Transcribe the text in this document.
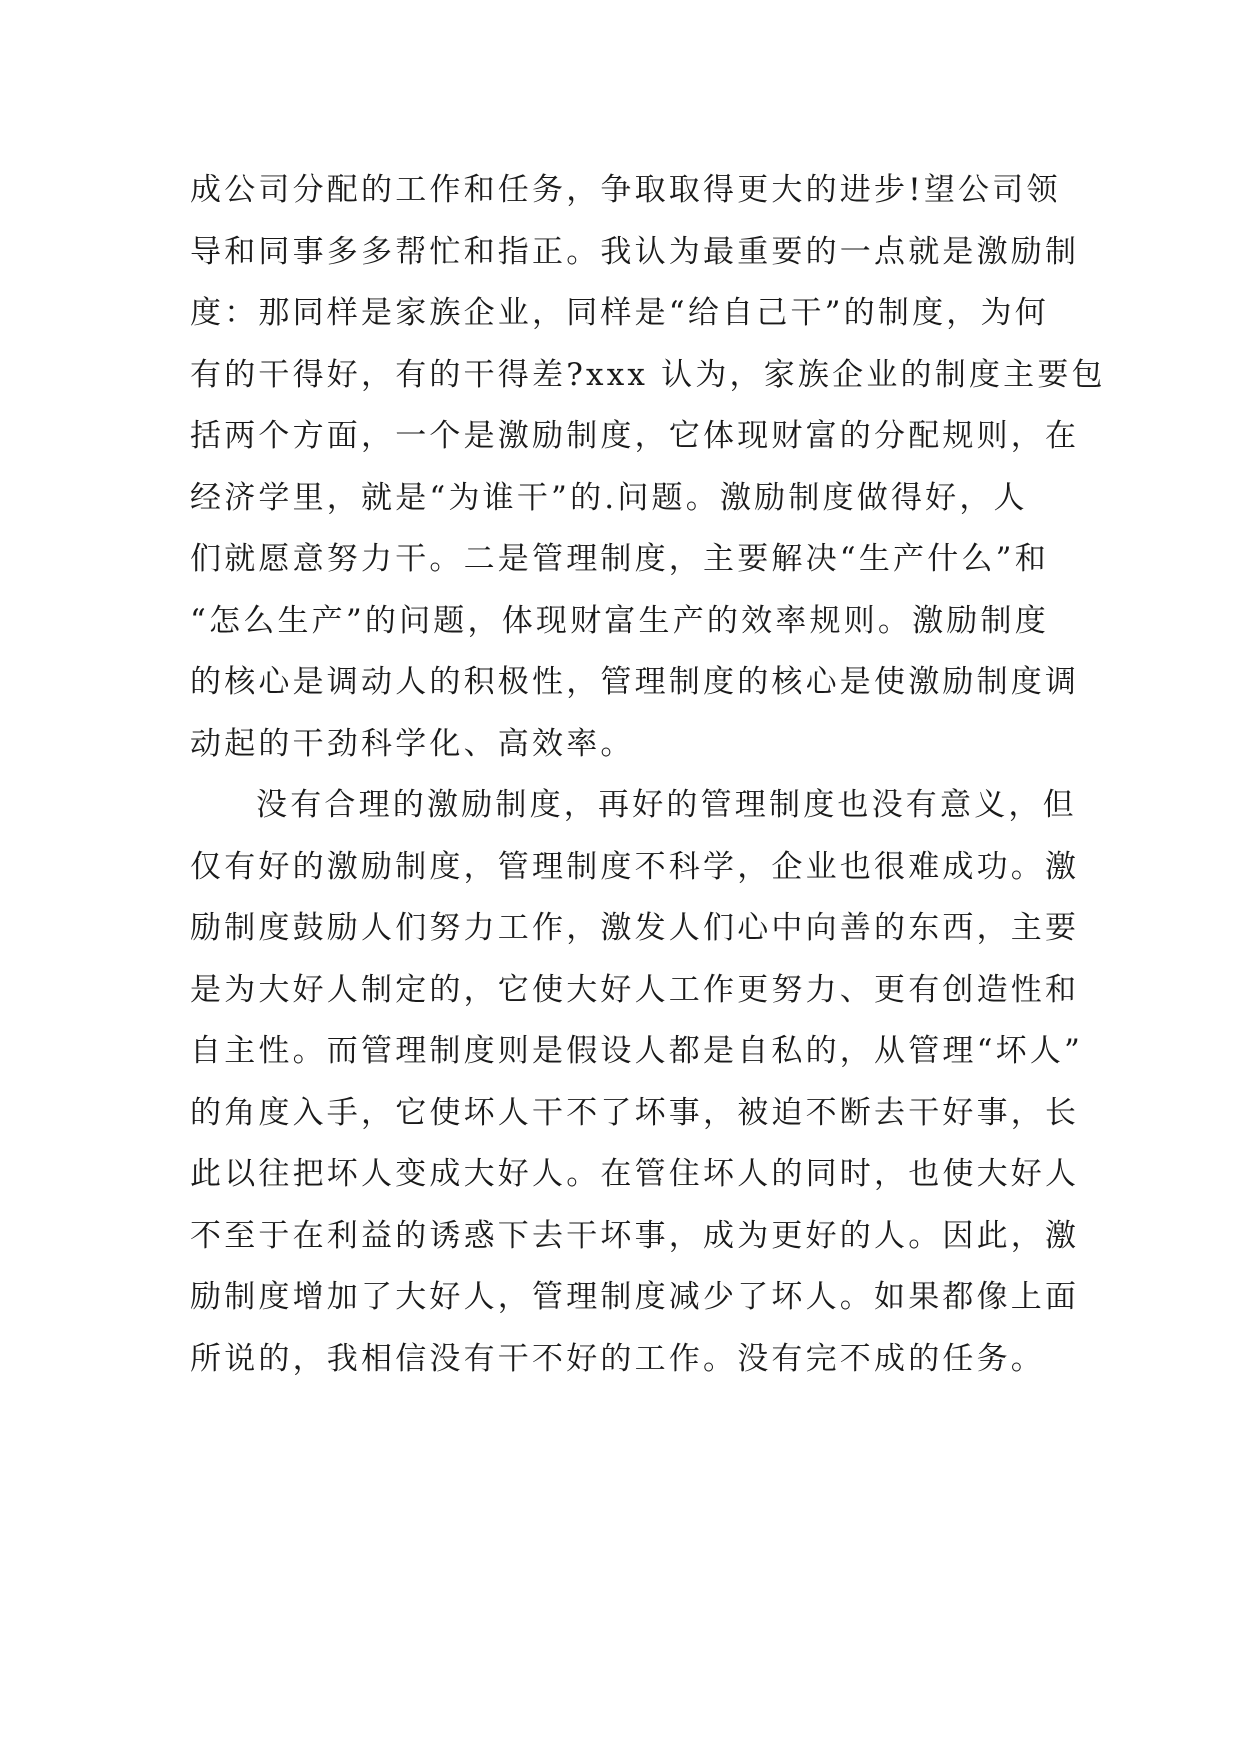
成公司分配的工作和任务，争取取得更大的进步!望公司领
导和同事多多帮忙和指正。我认为最重要的一点就是激励制
度：那同样是家族企业，同样是“给自己干”的制度，为何
有的干得好，有的干得差?xxx 认为，家族企业的制度主要包
括两个方面，一个是激励制度，它体现财富的分配规则，在
经济学里，就是“为谁干”的.问题。激励制度做得好，人
们就愿意努力干。二是管理制度，主要解决“生产什么”和
“怎么生产”的问题，体现财富生产的效率规则。激励制度
的核心是调动人的积极性，管理制度的核心是使激励制度调
动起的干劲科学化、高效率。
没有合理的激励制度，再好的管理制度也没有意义，但
仅有好的激励制度，管理制度不科学，企业也很难成功。激
励制度鼓励人们努力工作，激发人们心中向善的东西，主要
是为大好人制定的，它使大好人工作更努力、更有创造性和
自主性。而管理制度则是假设人都是自私的，从管理“坏人”
的角度入手，它使坏人干不了坏事，被迫不断去干好事，长
此以往把坏人变成大好人。在管住坏人的同时，也使大好人
不至于在利益的诱惑下去干坏事，成为更好的人。因此，激
励制度增加了大好人，管理制度减少了坏人。如果都像上面
所说的，我相信没有干不好的工作。没有完不成的任务。
